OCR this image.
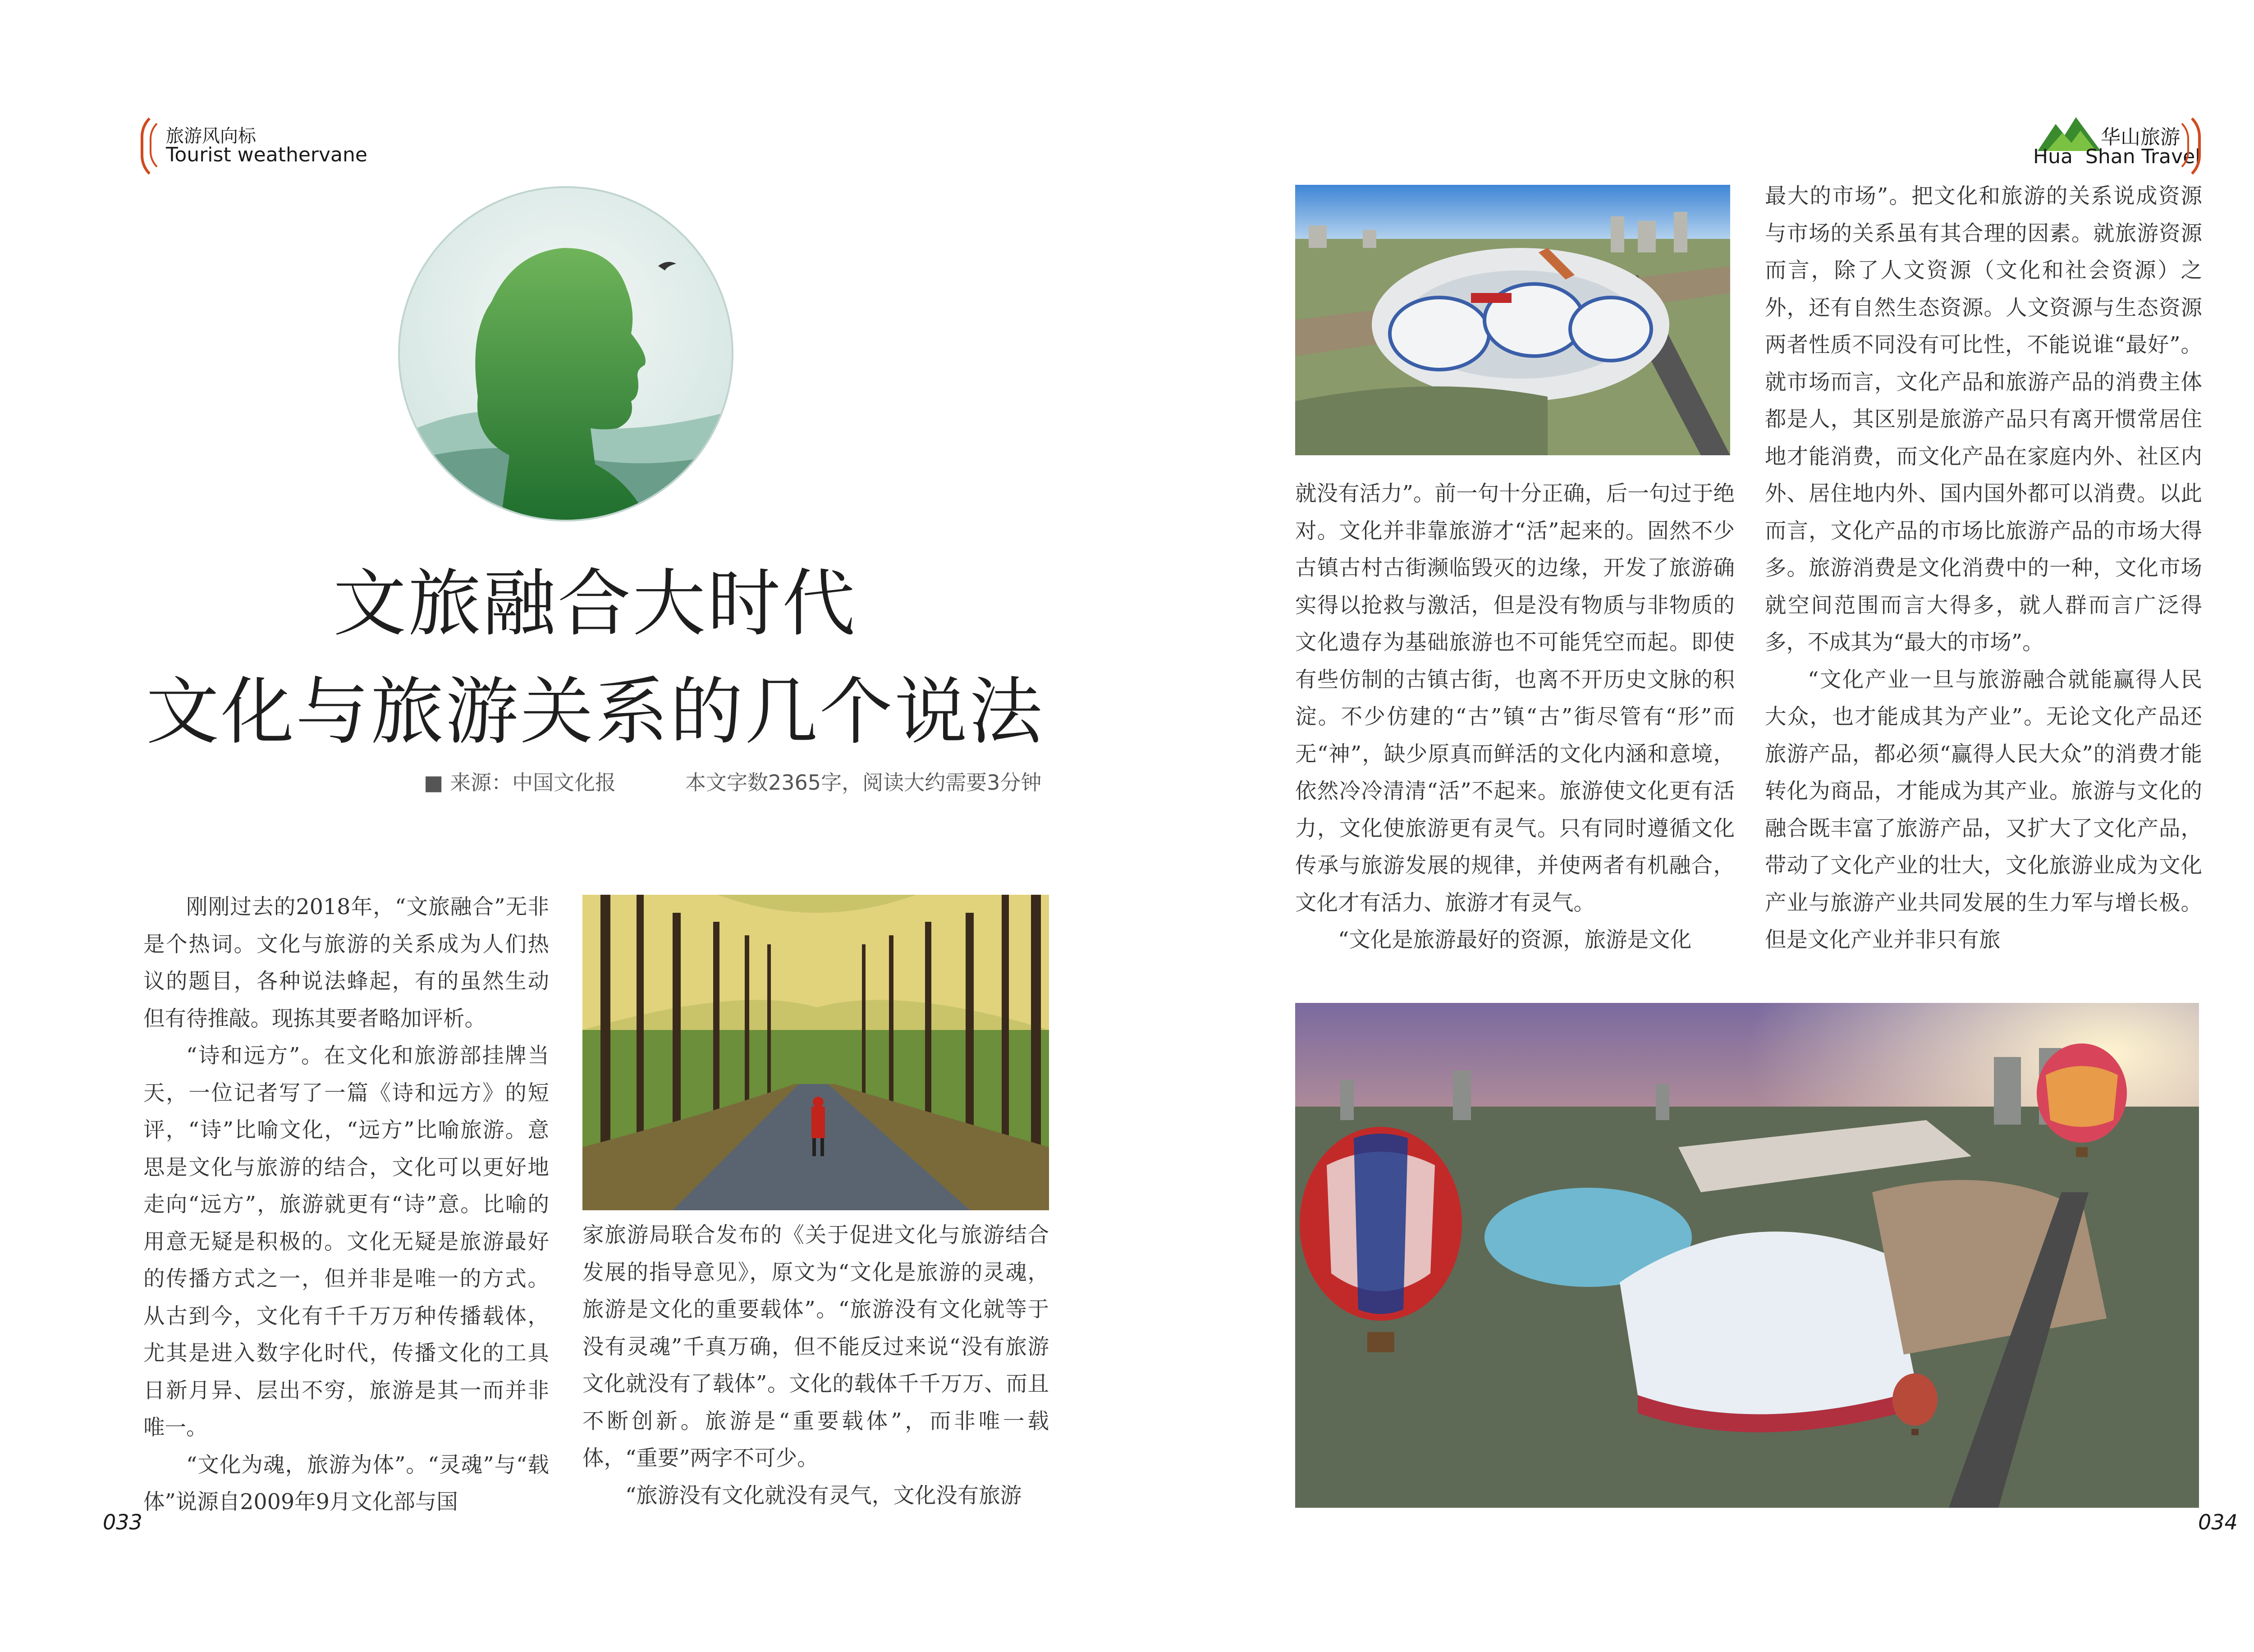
旅游风向标
Tourist weathervane
华山旅游
Hua  Shan Travel
文旅融合大时代
文化与旅游关系的几个说法
■ 来源：中国文化报	本文字数2365字，阅读大约需要3分钟

刚刚过去的2018年，“文旅融合”无非是个热词。文化与旅游的关系成为人们热议的题目，各种说法蜂起，有的虽然生动但有待推敲。现拣其要者略加评析。

“诗和远方”。在文化和旅游部挂牌当天，一位记者写了一篇《诗和远方》的短评，“诗”比喻文化，“远方”比喻旅游。意思是文化与旅游的结合，文化可以更好地走向“远方”，旅游就更有“诗”意。比喻的用意无疑是积极的。文化无疑是旅游最好的传播方式之一，但并非是唯一的方式。从古到今，文化有千千万万种传播载体，尤其是进入数字化时代，传播文化的工具日新月异、层出不穷，旅游是其一而并非唯一。

“文化为魂，旅游为体”。“灵魂”与“载体”说源自2009年9月文化部与国

家旅游局联合发布的《关于促进文化与旅游结合发展的指导意见》，原文为“文化是旅游的灵魂，旅游是文化的重要载体”。“旅游没有文化就等于没有灵魂”千真万确，但不能反过来说“没有旅游文化就没有了载体”。文化的载体千千万万、而且不断创新。旅游是“重要载体”，而非唯一载体，“重要”两字不可少。

“旅游没有文化就没有灵气，文化没有旅游

033	034

就没有活力”。前一句十分正确，后一句过于绝对。文化并非靠旅游才“活”起来的。固然不少古镇古村古街濒临毁灭的边缘，开发了旅游确实得以抢救与激活，但是没有物质与非物质的文化遗存为基础旅游也不可能凭空而起。即使有些仿制的古镇古街，也离不开历史文脉的积淀。不少仿建的“古”镇“古”街尽管有“形”而无“神”，缺少原真而鲜活的文化内涵和意境，依然冷冷清清“活”不起来。旅游使文化更有活力，文化使旅游更有灵气。只有同时遵循文化传承与旅游发展的规律，并使两者有机融合，文化才有活力、旅游才有灵气。

“文化是旅游最好的资源，旅游是文化

最大的市场”。把文化和旅游的关系说成资源与市场的关系虽有其合理的因素。就旅游资源而言，除了人文资源（文化和社会资源）之外，还有自然生态资源。人文资源与生态资源两者性质不同没有可比性，不能说谁“最好”。就市场而言，文化产品和旅游产品的消费主体都是人，其区别是旅游产品只有离开惯常居住地才能消费，而文化产品在家庭内外、社区内外、居住地内外、国内国外都可以消费。以此而言，文化产品的市场比旅游产品的市场大得多。旅游消费是文化消费中的一种，文化市场就空间范围而言大得多，就人群而言广泛得多，不成其为“最大的市场”。

“文化产业一旦与旅游融合就能赢得人民大众，也才能成其为产业”。无论文化产品还旅游产品，都必须“赢得人民大众”的消费才能转化为商品，才能成为其产业。旅游与文化的融合既丰富了旅游产品，又扩大了文化产品，带动了文化产业的壮大，文化旅游业成为文化产业与旅游产业共同发展的生力军与增长极。但是文化产业并非只有旅
